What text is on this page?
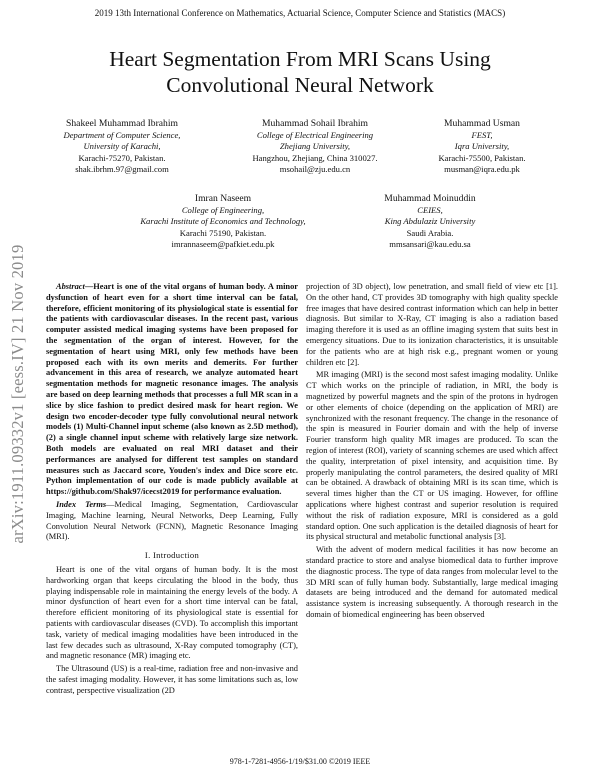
2019 13th International Conference on Mathematics, Actuarial Science, Computer Science and Statistics (MACS)
Heart Segmentation From MRI Scans Using
Convolutional Neural Network
Shakeel Muhammad Ibrahim
Department of Computer Science,
University of Karachi,
Karachi-75270, Pakistan.
shak.ibrhm.97@gmail.com
Muhammad Sohail Ibrahim
College of Electrical Engineering
Zhejiang University,
Hangzhou, Zhejiang, China 310027.
msohail@zju.edu.cn
Muhammad Usman
FEST,
Iqra University,
Karachi-75500, Pakistan.
musman@iqra.edu.pk
Imran Naseem
College of Engineering,
Karachi Institute of Economics and Technology,
Karachi 75190, Pakistan.
imrannaseem@pafkiet.edu.pk
Muhammad Moinuddin
CEIES,
King Abdulaziz University
Saudi Arabia.
mmsansari@kau.edu.sa
arXiv:1911.09332v1 [eess.IV] 21 Nov 2019	Abstract—Heart is one of the vital organs of human body. A minor dysfunction of heart even for a short time interval can be fatal, therefore, efficient monitoring of its physiological state is essential for the patients with cardiovascular diseases. In the recent past, various computer assisted medical imaging systems have been proposed for the segmentation of the organ of interest. However, for the segmentation of heart using MRI, only few methods have been proposed each with its own merits and demerits. For further advancement in this area of research, we analyze automated heart segmentation methods for magnetic resonance images. The analysis are based on deep learning methods that processes a full MR scan in a slice by slice fashion to predict desired mask for heart region. We design two encoder-decoder type fully convolutional neural network models (1) Multi-Channel input scheme (also known as 2.5D method), (2) a single channel input scheme with relatively large size network. Both models are evaluated on real MRI dataset and their performances are analysed for different test samples on standard measures such as Jaccard score, Youden's index and Dice score etc. Python implementation of our code is made publicly available at https://github.com/Shak97/icecst2019 for performance evaluation.

Index Terms—Medical Imaging, Segmentation, Cardiovascular Imaging, Machine learning, Neural Networks, Deep Learning, Fully Convolution Neural Network (FCNN), Magnetic Resonance Imaging (MRI).

I. Introduction

Heart is one of the vital organs of human body. It is the most hardworking organ that keeps circulating the blood in the body, thus playing indispensable role in maintaining the energy levels of the body. A minor dysfunction of heart even for a short time interval can be fatal, therefore efficient monitoring of its physiological state is essential for patients with cardiovascular diseases (CVD). To accomplish this important task, variety of medical imaging modalities have been introduced in the last few decades such as ultrasound, X-Ray computed tomography (CT), and magnetic resonance (MR) imaging etc.

The Ultrasound (US) is a real-time, radiation free and non-invasive and the safest imaging modality. However, it has some limitations such as, low contrast, perspective visualization (2D

projection of 3D object), low penetration, and small field of view etc [1]. On the other hand, CT provides 3D tomography with high quality speckle free images that have desired contrast information which can help in better diagnosis. But similar to X-Ray, CT imaging is also a radiation based imaging therefore it is used as an offline imaging system that suits best in emergency situations. Due to its ionization characteristics, it is unsuitable for the patients who are at high risk e.g., pregnant women or young children etc [2].

MR imaging (MRI) is the second most safest imaging modality. Unlike CT which works on the principle of radiation, in MRI, the body is magnetized by powerful magnets and the spin of the protons in hydrogen or other elements of choice (depending on the application of MRI) are synchronized with the resonant frequency. The change in the resonance of the spin is measured in Fourier domain and with the help of inverse Fourier transform high quality MR images are produced. To scan the region of interest (ROI), variety of scanning schemes are used which affect the quality, interpretation of pixel intensity, and acquisition time. By properly manipulating the control parameters, the desired quality of MRI can be obtained. A drawback of obtaining MRI is its scan time, which is several times higher than the CT or US imaging. However, for offline applications where highest contrast and superior resolution is required without the risk of radiation exposure, MRI is considered as a gold standard option. One such application is the detailed diagnosis of heart for its physical structural and metabolic functional analysis [3].

With the advent of modern medical facilities it has now become an standard practice to store and analyse biomedical data to further improve the diagnostic process. The type of data ranges from molecular level to the 3D MRI scan of fully human body. Substantially, large medical imaging datasets are being introduced and the demand for automated medical assistance system is increasing subsequently. A thorough research in the domain of biomedical engineering has been observed

978-1-7281-4956-1/19/$31.00 ©2019 IEEE
